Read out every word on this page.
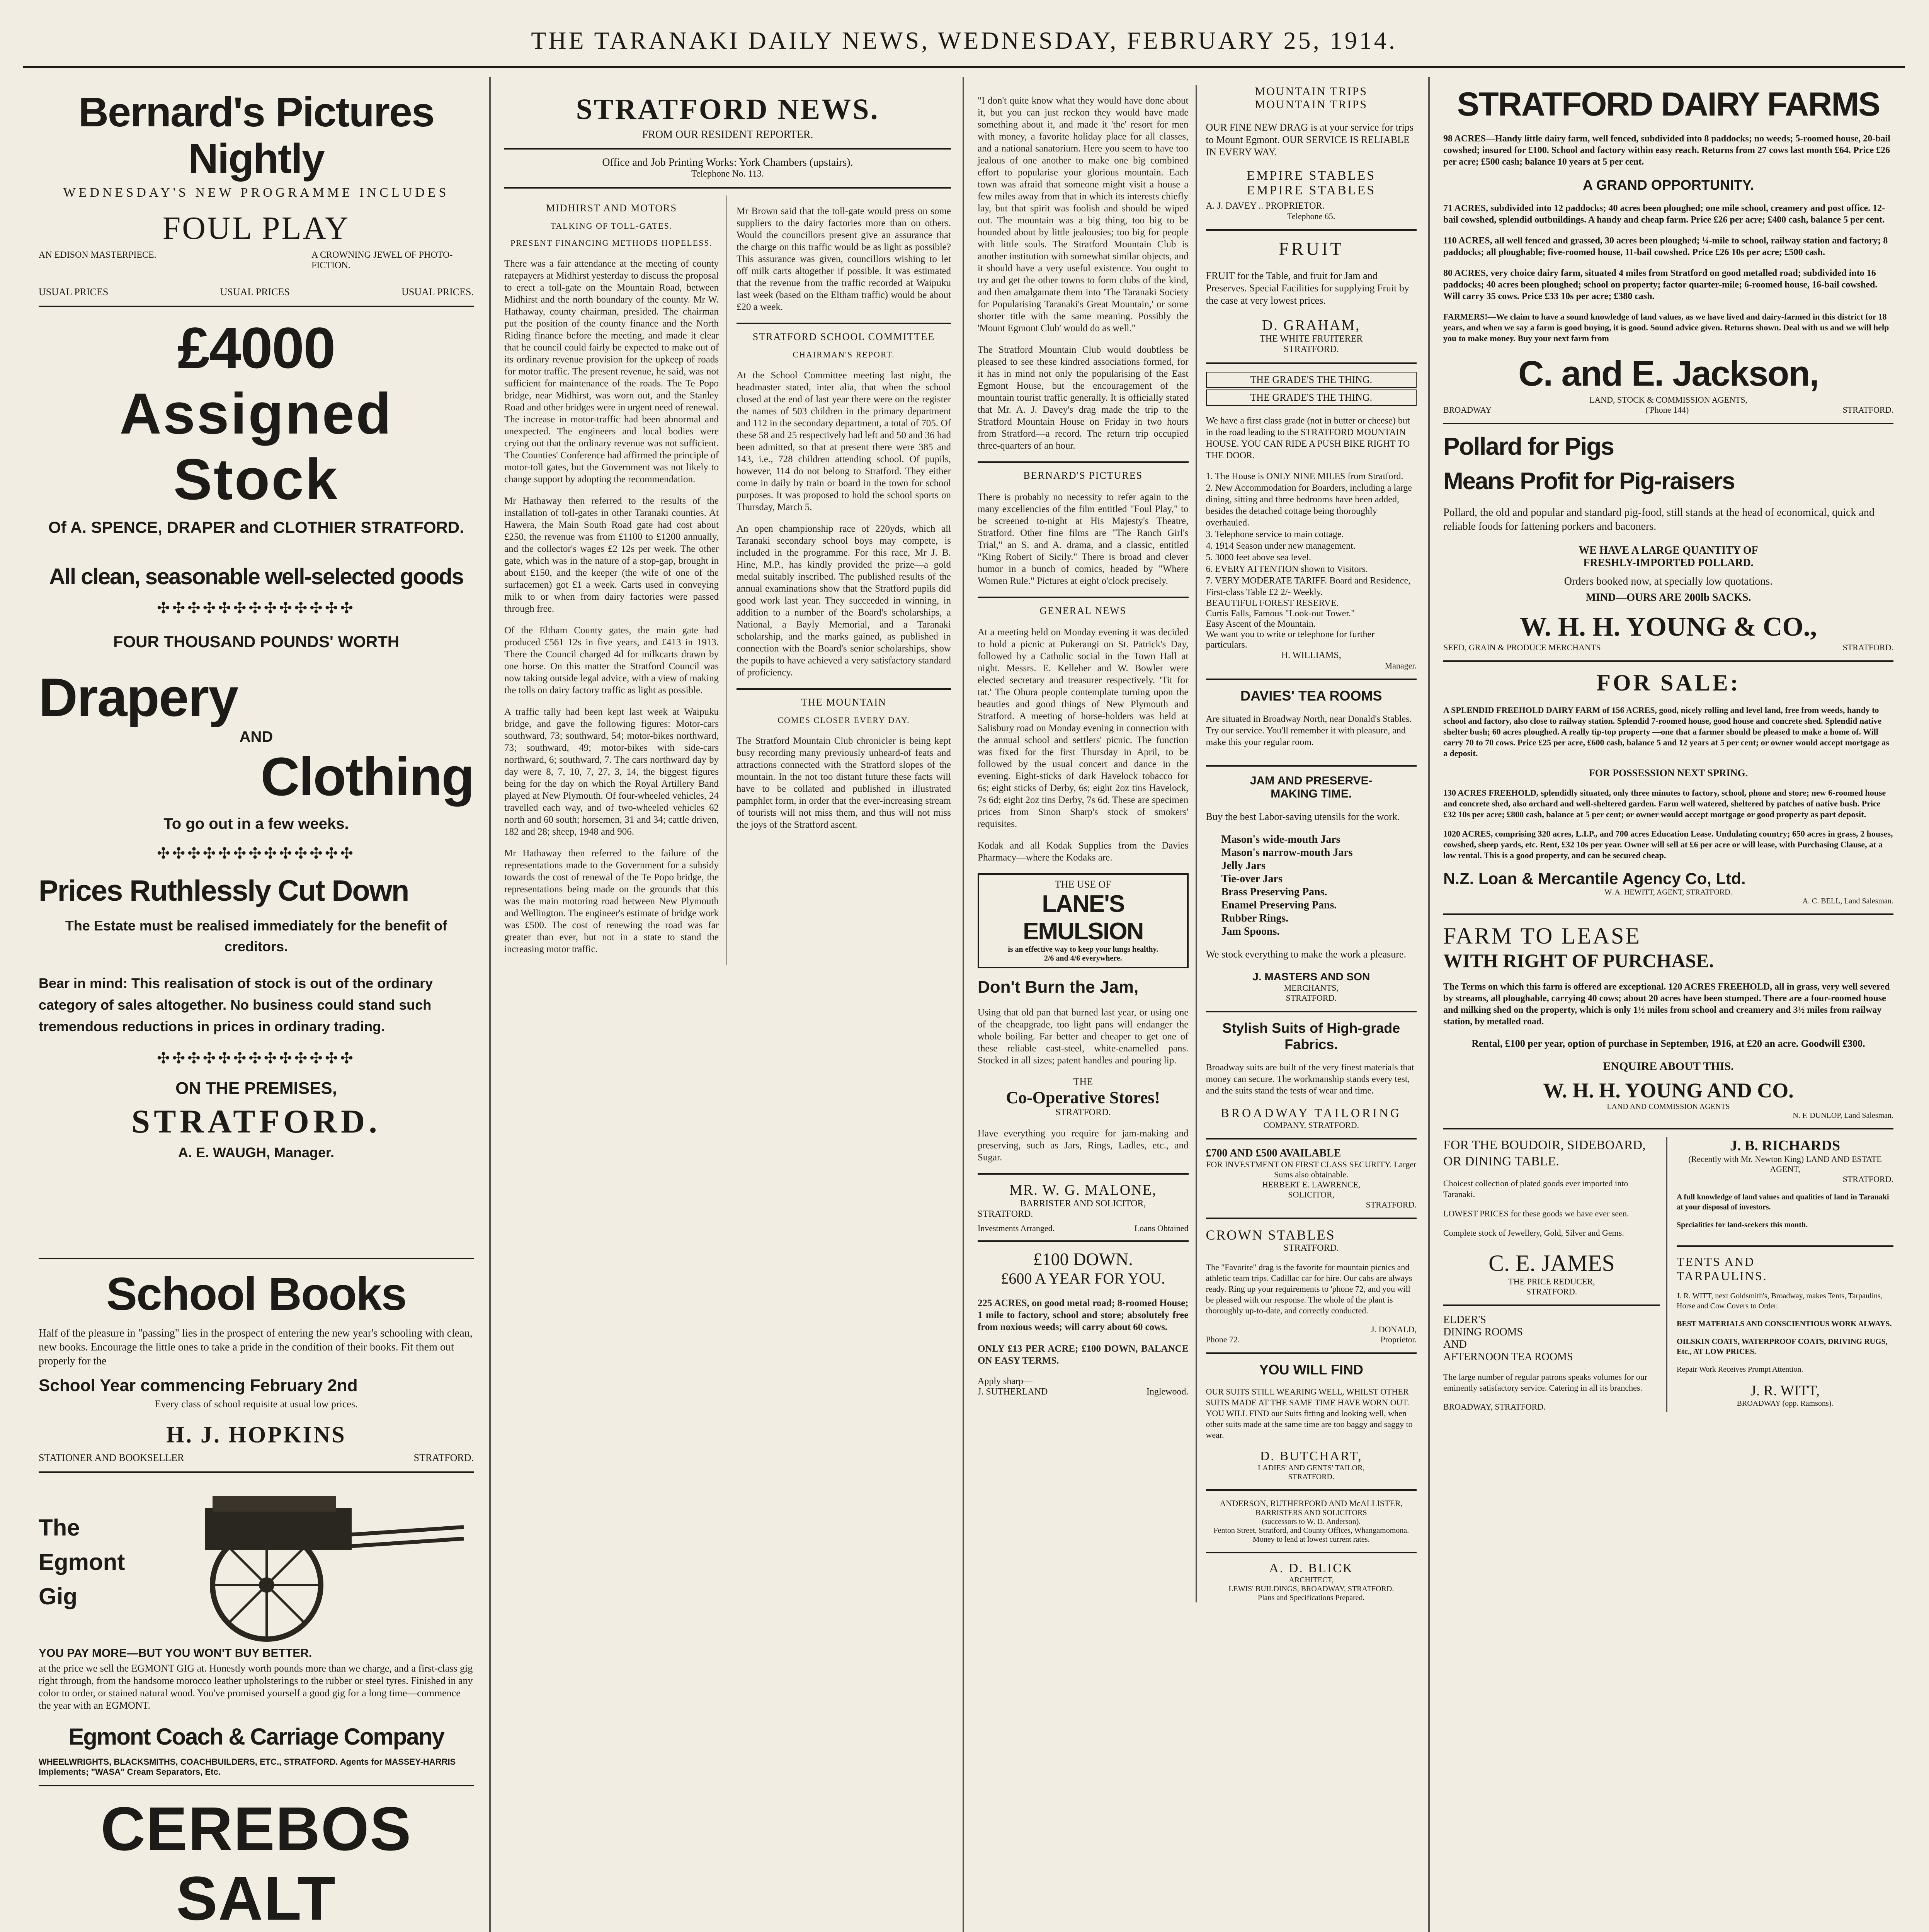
THE TARANAKI DAILY NEWS, WEDNESDAY, FEBRUARY 25, 1914.
Bernard's Pictures Nightly
WEDNESDAY'S NEW PROGRAMME INCLUDES
FOUL PLAY
AN EDISON MASTERPIECE.	A CROWNING JEWEL OF PHOTO-FICTION.
USUAL PRICES	USUAL PRICES	USUAL PRICES.
£4000
Assigned Stock
Of A. SPENCE, DRAPER and CLOTHIER STRATFORD.
All clean, seasonable well-selected goods
✣✣✣✣✣✣✣✣✣✣✣✣✣
FOUR THOUSAND POUNDS' WORTH
Drapery
AND
Clothing
To go out in a few weeks.
✣✣✣✣✣✣✣✣✣✣✣✣✣
Prices Ruthlessly Cut Down
The Estate must be realised immediately for the benefit of creditors.
Bear in mind: This realisation of stock is out of the ordinary category of sales altogether. No business could stand such tremendous reductions in prices in ordinary trading.
✣✣✣✣✣✣✣✣✣✣✣✣✣
ON THE PREMISES,
STRATFORD.
A. E. WAUGH, Manager.
School Books
Half of the pleasure in "passing" lies in the prospect of entering the new year's schooling with clean, new books. Encourage the little ones to take a pride in the condition of their books. Fit them out properly for the
School Year commencing February 2nd
Every class of school requisite at usual low prices.
H. J. HOPKINS
STATIONER AND BOOKSELLER	STRATFORD.
The
Egmont
Gig
YOU PAY MORE—BUT YOU WON'T BUY BETTER.
at the price we sell the EGMONT GIG at. Honestly worth pounds more than we charge, and a first-class gig right through, from the handsome morocco leather upholsterings to the rubber or steel tyres. Finished in any color to order, or stained natural wood. You've promised yourself a good gig for a long time—commence the year with an EGMONT.
Egmont Coach & Carriage Company
WHEELWRIGHTS, BLACKSMITHS, COACHBUILDERS, ETC., STRATFORD. Agents for MASSEY-HARRIS Implements; "WASA" Cream Separators, Etc.
CEREBOS SALT
STRATFORD NEWS.
FROM OUR RESIDENT REPORTER.
Office and Job Printing Works: York Chambers (upstairs).
Telephone No. 113.
MIDHIRST AND MOTORS
TALKING OF TOLL-GATES.
PRESENT FINANCING METHODS HOPELESS.

There was a fair attendance at the meeting of county ratepayers at Midhirst yesterday to discuss the proposal to erect a toll-gate on the Mountain Road, between Midhirst and the north boundary of the county. Mr W. Hathaway, county chairman, presided. The chairman put the position of the county finance and the North Riding finance before the meeting, and made it clear that he council could fairly be expected to make out of its ordinary revenue provision for the upkeep of roads for motor traffic. The present revenue, he said, was not sufficient for maintenance of the roads. The Te Popo bridge, near Midhirst, was worn out, and the Stanley Road and other bridges were in urgent need of renewal. The increase in motor-traffic had been abnormal and unexpected. The engineers and local bodies were crying out that the ordinary revenue was not sufficient. The Counties' Conference had affirmed the principle of motor-toll gates, but the Government was not likely to change support by adopting the recommendation.

Mr Hathaway then referred to the results of the installation of toll-gates in other Taranaki counties. At Hawera, the Main South Road gate had cost about £250, the revenue was from £1100 to £1200 annually, and the collector's wages £2 12s per week. The other gate, which was in the nature of a stop-gap, brought in about £150, and the keeper (the wife of one of the surfacemen) got £1 a week. Carts used in conveying milk to or when from dairy factories were passed through free.

Of the Eltham County gates, the main gate had produced £561 12s in five years, and £413 in 1913. There the Council charged 4d for milkcarts drawn by one horse. On this matter the Stratford Council was now taking outside legal advice, with a view of making the tolls on dairy factory traffic as light as possible.

A traffic tally had been kept last week at Waipuku bridge, and gave the following figures: Motor-cars southward, 73; southward, 54; motor-bikes northward, 73; southward, 49; motor-bikes with side-cars northward, 6; southward, 7. The cars northward day by day were 8, 7, 10, 7, 27, 3, 14, the biggest figures being for the day on which the Royal Artillery Band played at New Plymouth. Of four-wheeled vehicles, 24 travelled each way, and of two-wheeled vehicles 62 north and 60 south; horsemen, 31 and 34; cattle driven, 182 and 28; sheep, 1948 and 906.

Mr Hathaway then referred to the failure of the representations made to the Government for a subsidy towards the cost of renewal of the Te Popo bridge, the representations being made on the grounds that this was the main motoring road between New Plymouth and Wellington. The engineer's estimate of bridge work was £500. The cost of renewing the road was far greater than ever, but not in a state to stand the increasing motor traffic.

Mr Brown said that the toll-gate would press on some suppliers to the dairy factories more than on others. Would the councillors present give an assurance that the charge on this traffic would be as light as possible? This assurance was given, councillors wishing to let off milk carts altogether if possible. It was estimated that the revenue from the traffic recorded at Waipuku last week (based on the Eltham traffic) would be about £20 a week.

STRATFORD SCHOOL COMMITTEE
CHAIRMAN'S REPORT.

At the School Committee meeting last night, the headmaster stated, inter alia, that when the school closed at the end of last year there were on the register the names of 503 children in the primary department and 112 in the secondary department, a total of 705. Of these 58 and 25 respectively had left and 50 and 36 had been admitted, so that at present there were 385 and 143, i.e., 728 children attending school. Of pupils, however, 114 do not belong to Stratford. They either come in daily by train or board in the town for school purposes. It was proposed to hold the school sports on Thursday, March 5.

An open championship race of 220yds, which all Taranaki secondary school boys may compete, is included in the programme. For this race, Mr J. B. Hine, M.P., has kindly provided the prize—a gold medal suitably inscribed. The published results of the annual examinations show that the Stratford pupils did good work last year. They succeeded in winning, in addition to a number of the Board's scholarships, a National, a Bayly Memorial, and a Taranaki scholarship, and the marks gained, as published in connection with the Board's senior scholarships, show the pupils to have achieved a very satisfactory standard of proficiency.

THE MOUNTAIN
COMES CLOSER EVERY DAY.

The Stratford Mountain Club chronicler is being kept busy recording many previously unheard-of feats and attractions connected with the Stratford slopes of the mountain. In the not too distant future these facts will have to be collated and published in illustrated pamphlet form, in order that the ever-increasing stream of tourists will not miss them, and thus will not miss the joys of the Stratford ascent.

"I don't quite know what they would have done about it, but you can just reckon they would have made something about it, and made it 'the' resort for men with money, a favorite holiday place for all classes, and a national sanatorium. Here you seem to have too jealous of one another to make one big combined effort to popularise your glorious mountain. Each town was afraid that someone might visit a house a few miles away from that in which its interests chiefly lay, but that spirit was foolish and should be wiped out. The mountain was a big thing, too big to be hounded about by little jealousies; too big for people with little souls. The Stratford Mountain Club is another institution with somewhat similar objects, and it should have a very useful existence. You ought to try and get the other towns to form clubs of the kind, and then amalgamate them into 'The Taranaki Society for Popularising Taranaki's Great Mountain,' or some shorter title with the same meaning. Possibly the 'Mount Egmont Club' would do as well."

The Stratford Mountain Club would doubtless be pleased to see these kindred associations formed, for it has in mind not only the popularising of the East Egmont House, but the encouragement of the mountain tourist traffic generally. It is officially stated that Mr. A. J. Davey's drag made the trip to the Stratford Mountain House on Friday in two hours from Stratford—a record. The return trip occupied three-quarters of an hour.

BERNARD'S PICTURES

There is probably no necessity to refer again to the many excellencies of the film entitled "Foul Play," to be screened to-night at His Majesty's Theatre, Stratford. Other fine films are "The Ranch Girl's Trial," an S. and A. drama, and a classic, entitled "King Robert of Sicily." There is broad and clever humor in a bunch of comics, headed by "Where Women Rule." Pictures at eight o'clock precisely.

GENERAL NEWS

At a meeting held on Monday evening it was decided to hold a picnic at Pukerangi on St. Patrick's Day, followed by a Catholic social in the Town Hall at night. Messrs. E. Kelleher and W. Bowler were elected secretary and treasurer respectively. 'Tit for tat.' The Ohura people contemplate turning upon the beauties and good things of New Plymouth and Stratford. A meeting of horse-holders was held at Salisbury road on Monday evening in connection with the annual school and settlers' picnic. The function was fixed for the first Thursday in April, to be followed by the usual concert and dance in the evening. Eight-sticks of dark Havelock tobacco for 6s; eight sticks of Derby, 6s; eight 2oz tins Havelock, 7s 6d; eight 2oz tins Derby, 7s 6d. These are specimen prices from Sinon Sharp's stock of smokers' requisites.

Kodak and all Kodak Supplies from the Davies Pharmacy—where the Kodaks are.

THE USE OF
LANE'S EMULSION
is an effective way to keep your lungs healthy.
2/6 and 4/6 everywhere.
Don't Burn the Jam,

Using that old pan that burned last year, or using one of the cheapgrade, too light pans will endanger the whole boiling. Far better and cheaper to get one of these reliable cast-steel, white-enamelled pans. Stocked in all sizes; patent handles and pouring lip.

THE
Co-Operative Stores!
STRATFORD.

Have everything you require for jam-making and preserving, such as Jars, Rings, Ladles, etc., and Sugar.

MR. W. G. MALONE,
BARRISTER AND SOLICITOR,
STRATFORD.
Investments Arranged.	Loans Obtained
£100 DOWN.
£600 A YEAR FOR YOU.

225 ACRES, on good metal road; 8-roomed House; 1 mile to factory, school and store; absolutely free from noxious weeds; will carry about 60 cows.

ONLY £13 PER ACRE; £100 DOWN, BALANCE ON EASY TERMS.

Apply sharp—
J. SUTHERLAND	Inglewood.
MOUNTAIN TRIPS
MOUNTAIN TRIPS

OUR FINE NEW DRAG is at your service for trips to Mount Egmont. OUR SERVICE IS RELIABLE IN EVERY WAY.

EMPIRE STABLES
EMPIRE STABLES
A. J. DAVEY .. PROPRIETOR.
Telephone 65.
FRUIT

FRUIT for the Table, and fruit for Jam and Preserves. Special Facilities for supplying Fruit by the case at very lowest prices.

D. GRAHAM,
THE WHITE FRUITERER
STRATFORD.
THE GRADE'S THE THING.
THE GRADE'S THE THING.

We have a first class grade (not in butter or cheese) but in the road leading to the STRATFORD MOUNTAIN HOUSE. YOU CAN RIDE A PUSH BIKE RIGHT TO THE DOOR.

1. The House is ONLY NINE MILES from Stratford.
2. New Accommodation for Boarders, including a large dining, sitting and three bedrooms have been added, besides the detached cottage being thoroughly overhauled.
3. Telephone service to main cottage.
4. 1914 Season under new management.
5. 3000 feet above sea level.
6. EVERY ATTENTION shown to Visitors.
7. VERY MODERATE TARIFF. Board and Residence, First-class Table £2 2/- Weekly.
BEAUTIFUL FOREST RESERVE.
Curtis Falls, Famous "Look-out Tower."
Easy Ascent of the Mountain.
We want you to write or telephone for further particulars.
H. WILLIAMS,
Manager.
DAVIES' TEA ROOMS

Are situated in Broadway North, near Donald's Stables. Try our service. You'll remember it with pleasure, and make this your regular room.

JAM AND PRESERVE-
MAKING TIME.

Buy the best Labor-saving utensils for the work.

Mason's wide-mouth Jars
Mason's narrow-mouth Jars
Jelly Jars
Tie-over Jars
Brass Preserving Pans.
Enamel Preserving Pans.
Rubber Rings.
Jam Spoons.

We stock everything to make the work a pleasure.

J. MASTERS AND SON
MERCHANTS,
STRATFORD.
Stylish Suits of High-grade Fabrics.

Broadway suits are built of the very finest materials that money can secure. The workmanship stands every test, and the suits stand the tests of wear and time.

BROADWAY TAILORING
COMPANY, STRATFORD.
£700 AND £500 AVAILABLE
FOR INVESTMENT ON FIRST CLASS SECURITY. Larger Sums also obtainable.
HERBERT E. LAWRENCE,
SOLICITOR,
STRATFORD.
CROWN STABLES
STRATFORD.

The "Favorite" drag is the favorite for mountain picnics and athletic team trips. Cadillac car for hire. Our cabs are always ready. Ring up your requirements to 'phone 72, and you will be pleased with our response. The whole of the plant is thoroughly up-to-date, and correctly conducted.

J. DONALD,
Phone 72.	Proprietor.
YOU WILL FIND

OUR SUITS STILL WEARING WELL, WHILST OTHER SUITS MADE AT THE SAME TIME HAVE WORN OUT. YOU WILL FIND our Suits fitting and looking well, when other suits made at the same time are too baggy and saggy to wear.

D. BUTCHART,
LADIES' AND GENTS' TAILOR,
STRATFORD.
ANDERSON, RUTHERFORD AND McALLISTER,
BARRISTERS AND SOLICITORS
(successors to W. D. Anderson).
Fenton Street, Stratford, and County Offices, Whangamomona.
Money to lend at lowest current rates.
A. D. BLICK
ARCHITECT,
LEWIS' BUILDINGS, BROADWAY, STRATFORD.
Plans and Specifications Prepared.
STRATFORD DAIRY FARMS

98 ACRES—Handy little dairy farm, well fenced, subdivided into 8 paddocks; no weeds; 5-roomed house, 20-bail cowshed; insured for £100. School and factory within easy reach. Returns from 27 cows last month £64. Price £26 per acre; £500 cash; balance 10 years at 5 per cent.

A GRAND OPPORTUNITY.

71 ACRES, subdivided into 12 paddocks; 40 acres been ploughed; one mile school, creamery and post office. 12-bail cowshed, splendid outbuildings. A handy and cheap farm. Price £26 per acre; £400 cash, balance 5 per cent.

110 ACRES, all well fenced and grassed, 30 acres been ploughed; ¼-mile to school, railway station and factory; 8 paddocks; all ploughable; five-roomed house, 11-bail cowshed. Price £26 10s per acre; £500 cash.

80 ACRES, very choice dairy farm, situated 4 miles from Stratford on good metalled road; subdivided into 16 paddocks; 40 acres been ploughed; school on property; factor quarter-mile; 6-roomed house, 16-bail cowshed. Will carry 35 cows. Price £33 10s per acre; £380 cash.

FARMERS!—We claim to have a sound knowledge of land values, as we have lived and dairy-farmed in this district for 18 years, and when we say a farm is good buying, it is good. Sound advice given. Returns shown. Deal with us and we will help you to make money. Buy your next farm from

C. and E. Jackson,
LAND, STOCK & COMMISSION AGENTS,
BROADWAY	('Phone 144)	STRATFORD.
Pollard for Pigs
Means Profit for Pig-raisers

Pollard, the old and popular and standard pig-food, still stands at the head of economical, quick and reliable foods for fattening porkers and baconers.

WE HAVE A LARGE QUANTITY OF
FRESHLY-IMPORTED POLLARD.
Orders booked now, at specially low quotations.
MIND—OURS ARE 200lb SACKS.
W. H. H. YOUNG & CO.,
SEED, GRAIN & PRODUCE MERCHANTS	STRATFORD.
FOR SALE:

A SPLENDID FREEHOLD DAIRY FARM of 156 ACRES, good, nicely rolling and level land, free from weeds, handy to school and factory, also close to railway station. Splendid 7-roomed house, good house and concrete shed. Splendid native shelter bush; 60 acres ploughed. A really tip-top property —one that a farmer should be pleased to make a home of. Will carry 70 to 70 cows. Price £25 per acre, £600 cash, balance 5 and 12 years at 5 per cent; or owner would accept mortgage as a deposit.

FOR POSSESSION NEXT SPRING.

130 ACRES FREEHOLD, splendidly situated, only three minutes to factory, school, phone and store; new 6-roomed house and concrete shed, also orchard and well-sheltered garden. Farm well watered, sheltered by patches of native bush. Price £32 10s per acre; £800 cash, balance at 5 per cent; or owner would accept mortgage or good property as part deposit.

1020 ACRES, comprising 320 acres, L.I.P., and 700 acres Education Lease. Undulating country; 650 acres in grass, 2 houses, cowshed, sheep yards, etc. Rent, £32 10s per year. Owner will sell at £6 per acre or will lease, with Purchasing Clause, at a low rental. This is a good property, and can be secured cheap.

N.Z. Loan & Mercantile Agency Co, Ltd.
W. A. HEWITT, AGENT, STRATFORD.
A. C. BELL, Land Salesman.
FARM TO LEASE
WITH RIGHT OF PURCHASE.

The Terms on which this farm is offered are exceptional. 120 ACRES FREEHOLD, all in grass, very well severed by streams, all ploughable, carrying 40 cows; about 20 acres have been stumped. There are a four-roomed house and milking shed on the property, which is only 1½ miles from school and creamery and 3½ miles from railway station, by metalled road.

Rental, £100 per year, option of purchase in September, 1916, at £20 an acre. Goodwill £300.

ENQUIRE ABOUT THIS.
W. H. H. YOUNG AND CO.
LAND AND COMMISSION AGENTS
N. F. DUNLOP, Land Salesman.
FOR THE BOUDOIR, SIDEBOARD, OR DINING TABLE.

Choicest collection of plated goods ever imported into Taranaki.

LOWEST PRICES for these goods we have ever seen.

Complete stock of Jewellery, Gold, Silver and Gems.

C. E. JAMES
THE PRICE REDUCER,
STRATFORD.
ELDER'S
DINING ROOMS
AND
AFTERNOON TEA ROOMS

The large number of regular patrons speaks volumes for our eminently satisfactory service. Catering in all its branches.

BROADWAY, STRATFORD.
J. B. RICHARDS
(Recently with Mr. Newton King) LAND AND ESTATE AGENT,
STRATFORD.

A full knowledge of land values and qualities of land in Taranaki at your disposal of investors.

Specialities for land-seekers this month.

TENTS AND
TARPAULINS.

J. R. WITT, next Goldsmith's, Broadway, makes Tents, Tarpaulins, Horse and Cow Covers to Order.

BEST MATERIALS AND CONSCIENTIOUS WORK ALWAYS.

OILSKIN COATS, WATERPROOF COATS, DRIVING RUGS, Etc., AT LOW PRICES.

Repair Work Receives Prompt Attention.

J. R. WITT,
BROADWAY (opp. Ramsons).
